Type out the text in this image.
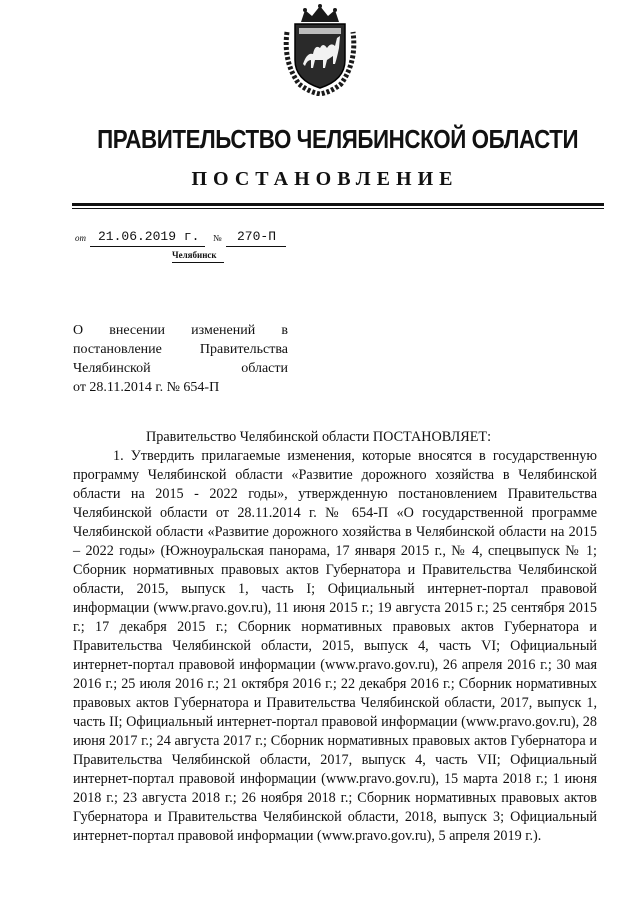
ПРАВИТЕЛЬСТВО ЧЕЛЯБИНСКОЙ ОБЛАСТИ
ПОСТАНОВЛЕНИЕ
от 21.06.2019 г. № 270-П
Челябинск
О внесении изменений в
постановление Правительства
Челябинской области
от 28.11.2014 г. № 654-П

Правительство Челябинской области ПОСТАНОВЛЯЕТ:

1. Утвердить прилагаемые изменения, которые вносятся в государственную программу Челябинской области «Развитие дорожного хозяйства в Челябинской области на 2015 - 2022 годы», утвержденную постановлением Правительства Челябинской области от 28.11.2014 г. № 654-П «О государственной программе Челябинской области «Развитие дорожного хозяйства в Челябинской области на 2015 – 2022 годы» (Южноуральская панорама, 17 января 2015 г., № 4, спецвыпуск № 1; Сборник нормативных правовых актов Губернатора и Правительства Челябинской области, 2015, выпуск 1, часть I; Официальный интернет-портал правовой информации (www.pravo.gov.ru), 11 июня 2015 г.; 19 августа 2015 г.; 25 сентября 2015 г.; 17 декабря 2015 г.; Сборник нормативных правовых актов Губернатора и Правительства Челябинской области, 2015, выпуск 4, часть VI; Официальный интернет-портал правовой информации (www.pravo.gov.ru), 26 апреля 2016 г.; 30 мая 2016 г.; 25 июля 2016 г.; 21 октября 2016 г.; 22 декабря 2016 г.; Сборник нормативных правовых актов Губернатора и Правительства Челябинской области, 2017, выпуск 1, часть II; Официальный интернет-портал правовой информации (www.pravo.gov.ru), 28 июня 2017 г.; 24 августа 2017 г.; Сборник нормативных правовых актов Губернатора и Правительства Челябинской области, 2017, выпуск 4, часть VII; Официальный интернет-портал правовой информации (www.pravo.gov.ru), 15 марта 2018 г.; 1 июня 2018 г.; 23 августа 2018 г.; 26 ноября 2018 г.; Сборник нормативных правовых актов Губернатора и Правительства Челябинской области, 2018, выпуск 3; Официальный интернет-портал правовой информации (www.pravo.gov.ru), 5 апреля 2019 г.).
